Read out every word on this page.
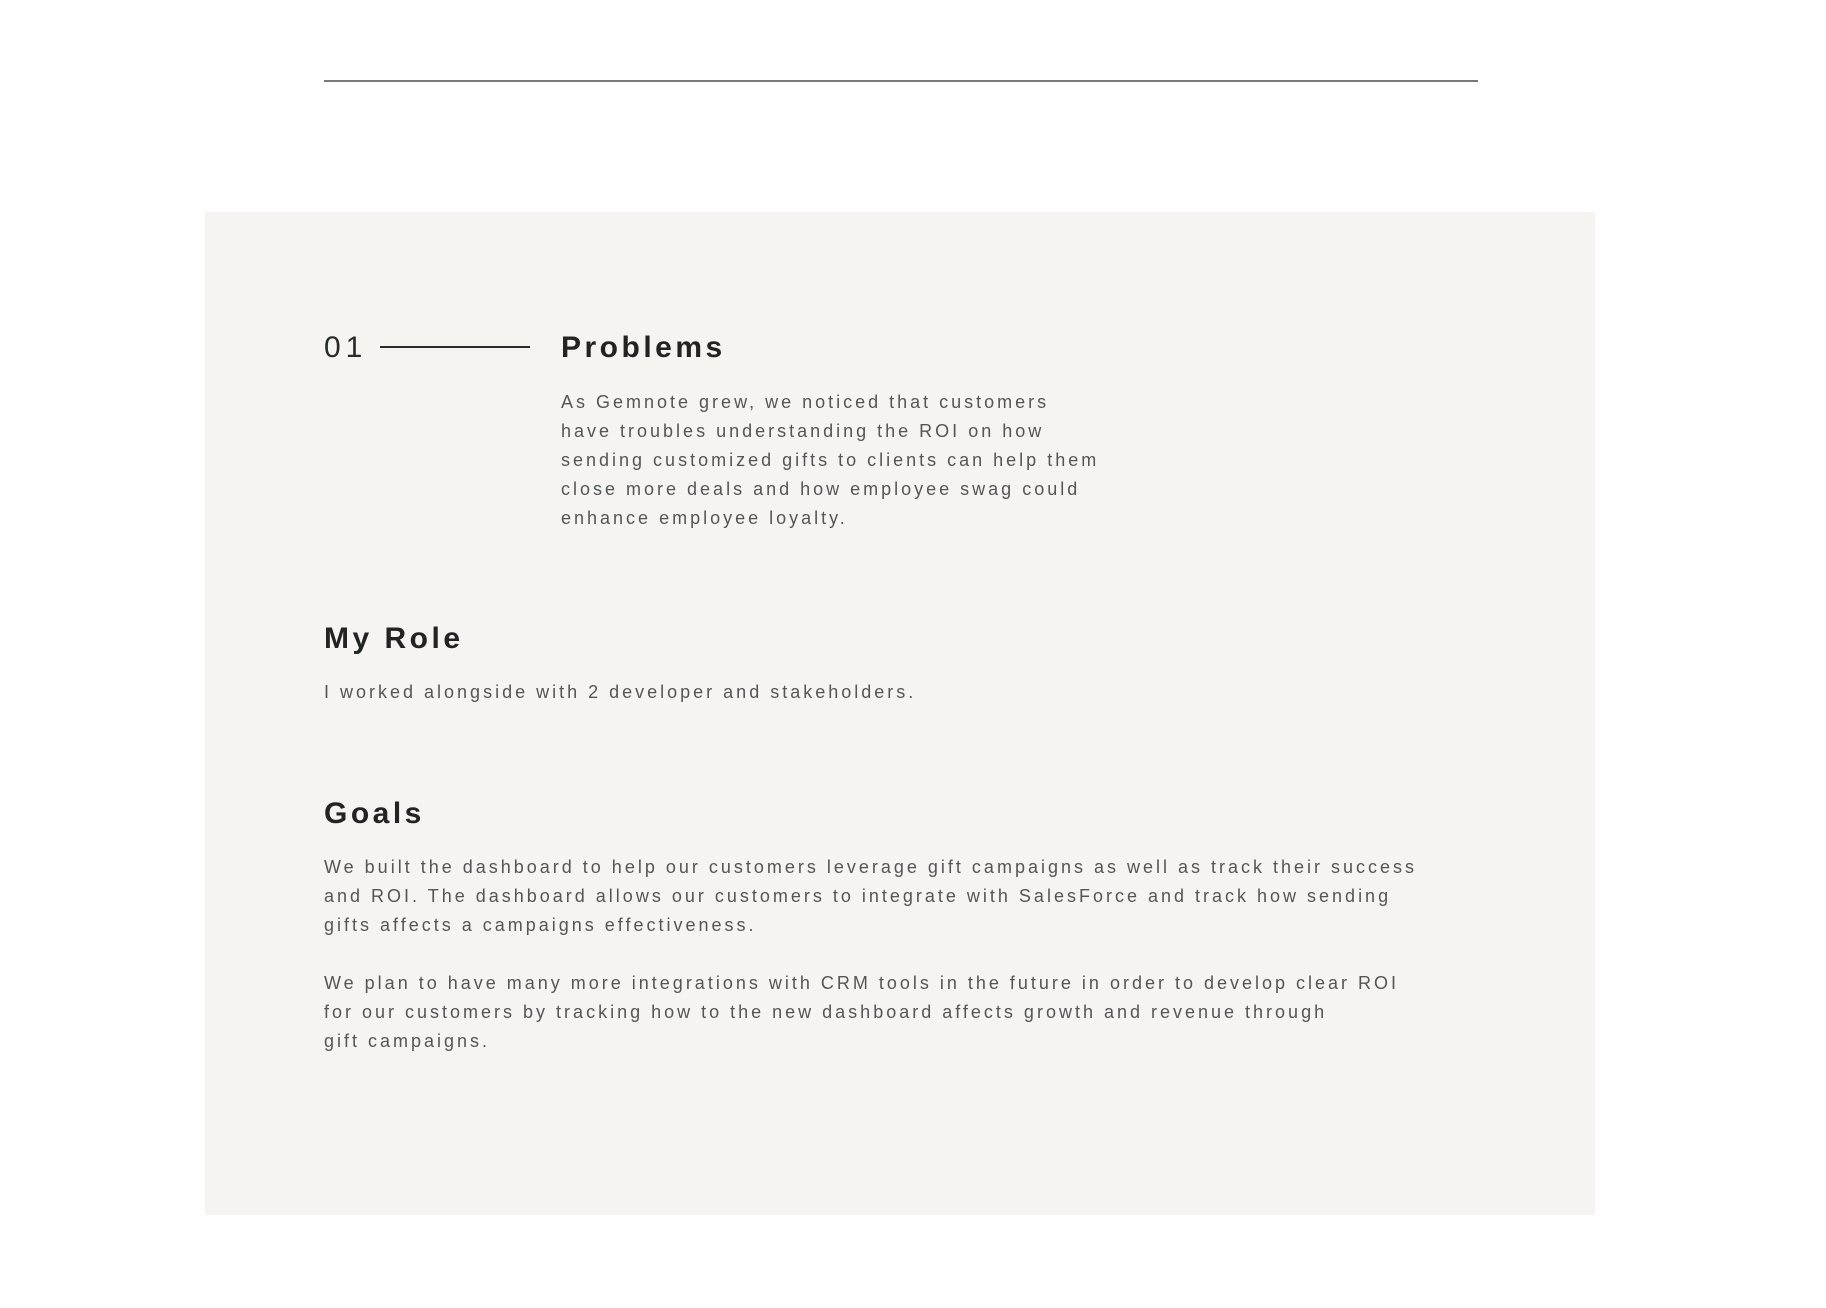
01	Problems

As Gemnote grew, we noticed that customers
have troubles understanding the ROI on how
sending customized gifts to clients can help them
close more deals and how employee swag could
enhance employee loyalty.

My Role

I worked alongside with 2 developer and stakeholders.

Goals

We built the dashboard to help our customers leverage gift campaigns as well as track their success
and ROI. The dashboard allows our customers to integrate with SalesForce and track how sending
gifts affects a campaigns effectiveness.

We plan to have many more integrations with CRM tools in the future in order to develop clear ROI
for our customers by tracking how to the new dashboard affects growth and revenue through
gift campaigns.
